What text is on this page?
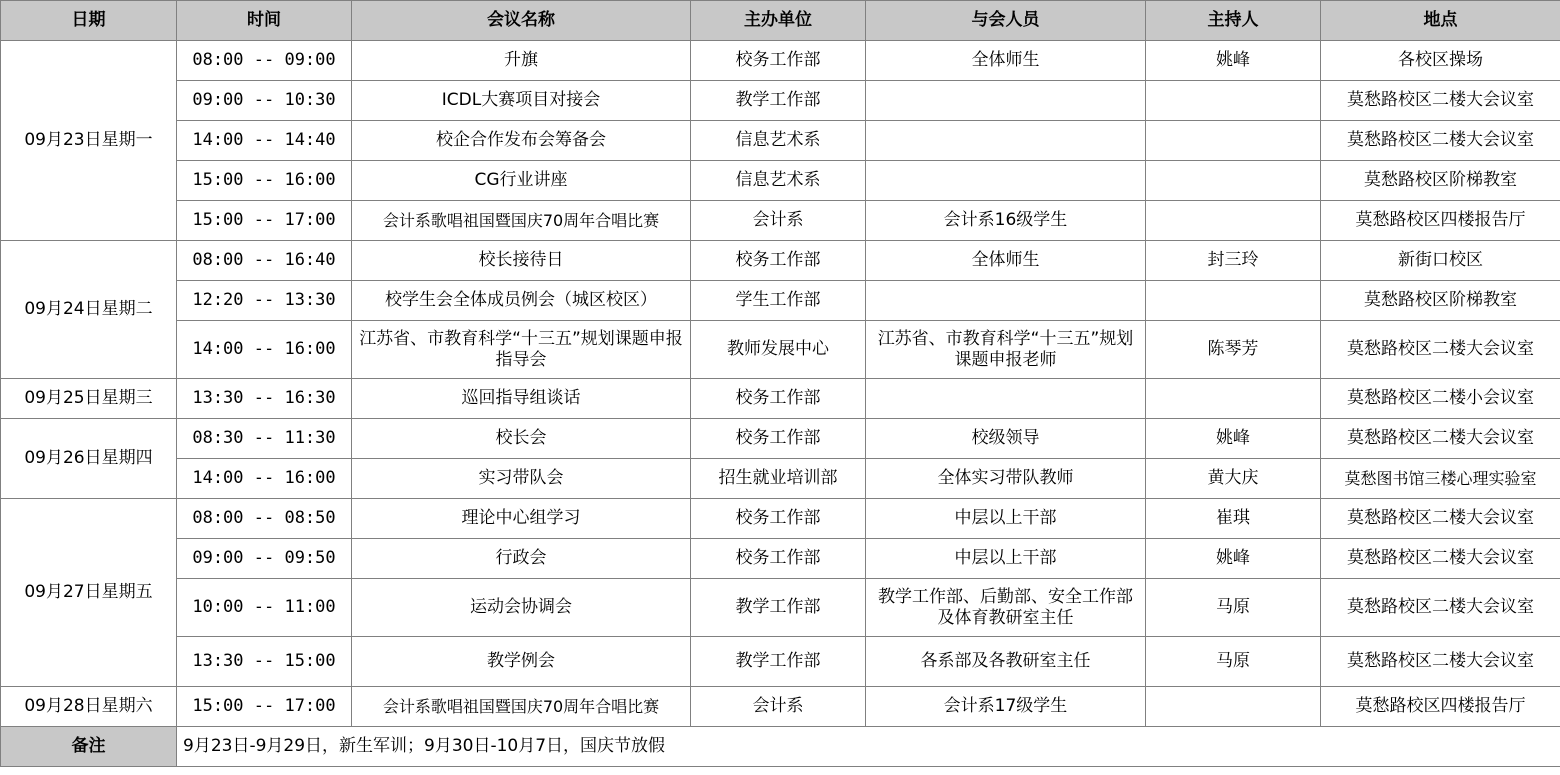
日期	时间	会议名称	主办单位	与会人员	主持人	地点
09月23日星期一	08:00 -- 09:00	升旗	校务工作部	全体师生	姚峰	各校区操场
	09:00 -- 10:30	ICDL大赛项目对接会	教学工作部			莫愁路校区二楼大会议室
	14:00 -- 14:40	校企合作发布会筹备会	信息艺术系			莫愁路校区二楼大会议室
	15:00 -- 16:00	CG行业讲座	信息艺术系			莫愁路校区阶梯教室
	15:00 -- 17:00	会计系歌唱祖国暨国庆70周年合唱比赛	会计系	会计系16级学生		莫愁路校区四楼报告厅
09月24日星期二	08:00 -- 16:40	校长接待日	校务工作部	全体师生	封三玲	新街口校区
	12:20 -- 13:30	校学生会全体成员例会（城区校区）	学生工作部			莫愁路校区阶梯教室
	14:00 -- 16:00	江苏省、市教育科学“十三五”规划课题申报指导会	教师发展中心	江苏省、市教育科学“十三五”规划课题申报老师	陈琴芳	莫愁路校区二楼大会议室
09月25日星期三	13:30 -- 16:30	巡回指导组谈话	校务工作部			莫愁路校区二楼小会议室
09月26日星期四	08:30 -- 11:30	校长会	校务工作部	校级领导	姚峰	莫愁路校区二楼大会议室
	14:00 -- 16:00	实习带队会	招生就业培训部	全体实习带队教师	黄大庆	莫愁图书馆三楼心理实验室
09月27日星期五	08:00 -- 08:50	理论中心组学习	校务工作部	中层以上干部	崔琪	莫愁路校区二楼大会议室
	09:00 -- 09:50	行政会	校务工作部	中层以上干部	姚峰	莫愁路校区二楼大会议室
	10:00 -- 11:00	运动会协调会	教学工作部	教学工作部、后勤部、安全工作部及体育教研室主任	马原	莫愁路校区二楼大会议室
	13:30 -- 15:00	教学例会	教学工作部	各系部及各教研室主任	马原	莫愁路校区二楼大会议室
09月28日星期六	15:00 -- 17:00	会计系歌唱祖国暨国庆70周年合唱比赛	会计系	会计系17级学生		莫愁路校区四楼报告厅
备注	9月23日-9月29日，新生军训；9月30日-10月7日，国庆节放假					
